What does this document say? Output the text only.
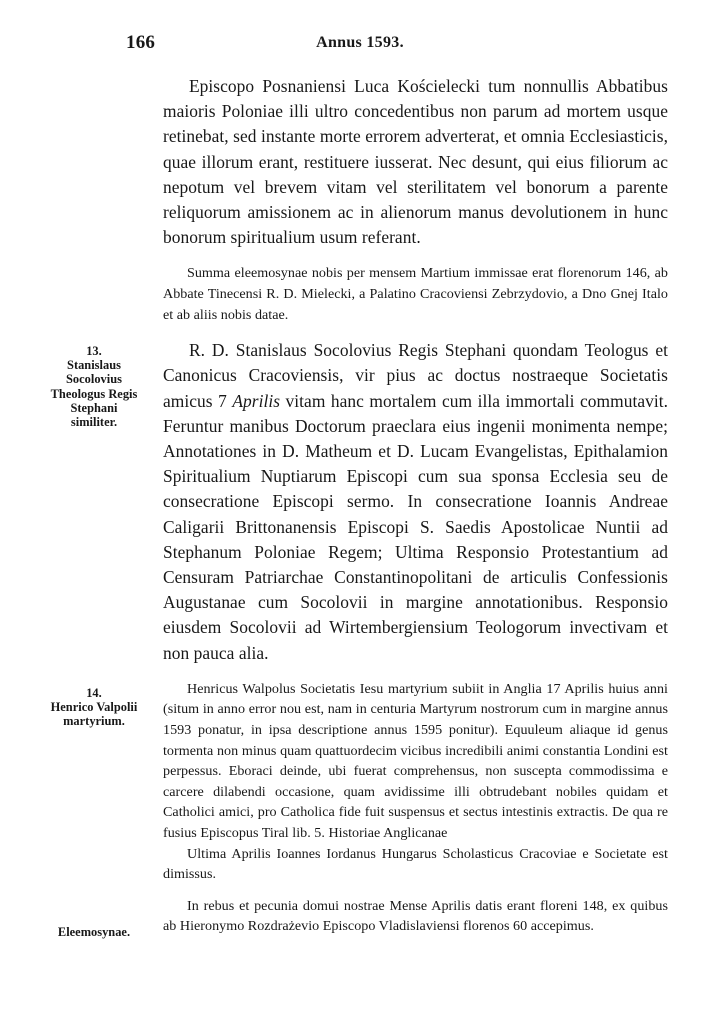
166	Annus 1593.
13.
Stanislaus Socolovius Theologus Regis Stephani similiter.
14.
Henrico Valpolii martyrium.
Eleemosynae.

Episcopo Posnaniensi Luca Kościelecki tum nonnullis Abbatibus maioris Poloniae illi ultro concedentibus non parum ad mortem usque retinebat, sed instante morte errorem adverterat, et omnia Ecclesiasticis, quae illorum erant, restituere iusserat. Nec desunt, qui eius filiorum ac nepotum vel brevem vitam vel sterilitatem vel bonorum a parente reliquorum amissionem ac in alienorum manus devolutionem in hunc bonorum spiritualium usum referant.

Summa eleemosynae nobis per mensem Martium immissae erat florenorum 146, ab Abbate Tinecensi R. D. Mielecki, a Palatino Cracoviensi Zebrzydovio, a Dno Gnej Italo et ab aliis nobis datae.

R. D. Stanislaus Socolovius Regis Stephani quondam Teologus et Canonicus Cracoviensis, vir pius ac doctus nostraeque Societatis amicus 7 Aprilis vitam hanc mortalem cum illa immortali commutavit. Feruntur manibus Doctorum praeclara eius ingenii monimenta nempe; Annotationes in D. Matheum et D. Lucam Evangelistas, Epithalamion Spiritualium Nuptiarum Episcopi cum sua sponsa Ecclesia seu de consecratione Episcopi sermo. In consecratione Ioannis Andreae Caligarii Brittonanensis Episcopi S. Saedis Apostolicae Nuntii ad Stephanum Poloniae Regem; Ultima Responsio Protestantium ad Censuram Patriarchae Constantinopolitani de articulis Confessionis Augustanae cum Socolovii in margine annotationibus. Responsio eiusdem Socolovii ad Wirtembergiensium Teologorum invectivam et non pauca alia.

Henricus Walpolus Societatis Iesu martyrium subiit in Anglia 17 Aprilis huius anni (situm in anno error nou est, nam in centuria Martyrum nostrorum cum in margine annus 1593 ponatur, in ipsa descriptione annus 1595 ponitur). Equuleum aliaque id genus tormenta non minus quam quattuordecim vicibus incredibili animi constantia Londini est perpessus. Eboraci deinde, ubi fuerat comprehensus, non suscepta commodissima e carcere dilabendi occasione, quam avidissime illi obtrudebant nobiles quidam et Catholici amici, pro Catholica fide fuit suspensus et sectus intestinis extractis. De qua re fusius Episcopus Tiral lib. 5. Historiae Anglicanae

Ultima Aprilis Ioannes Iordanus Hungarus Scholasticus Cracoviae e Societate est dimissus.

In rebus et pecunia domui nostrae Mense Aprilis datis erant floreni 148, ex quibus ab Hieronymo Rozdrażevio Episcopo Vladislaviensi florenos 60 accepimus.
